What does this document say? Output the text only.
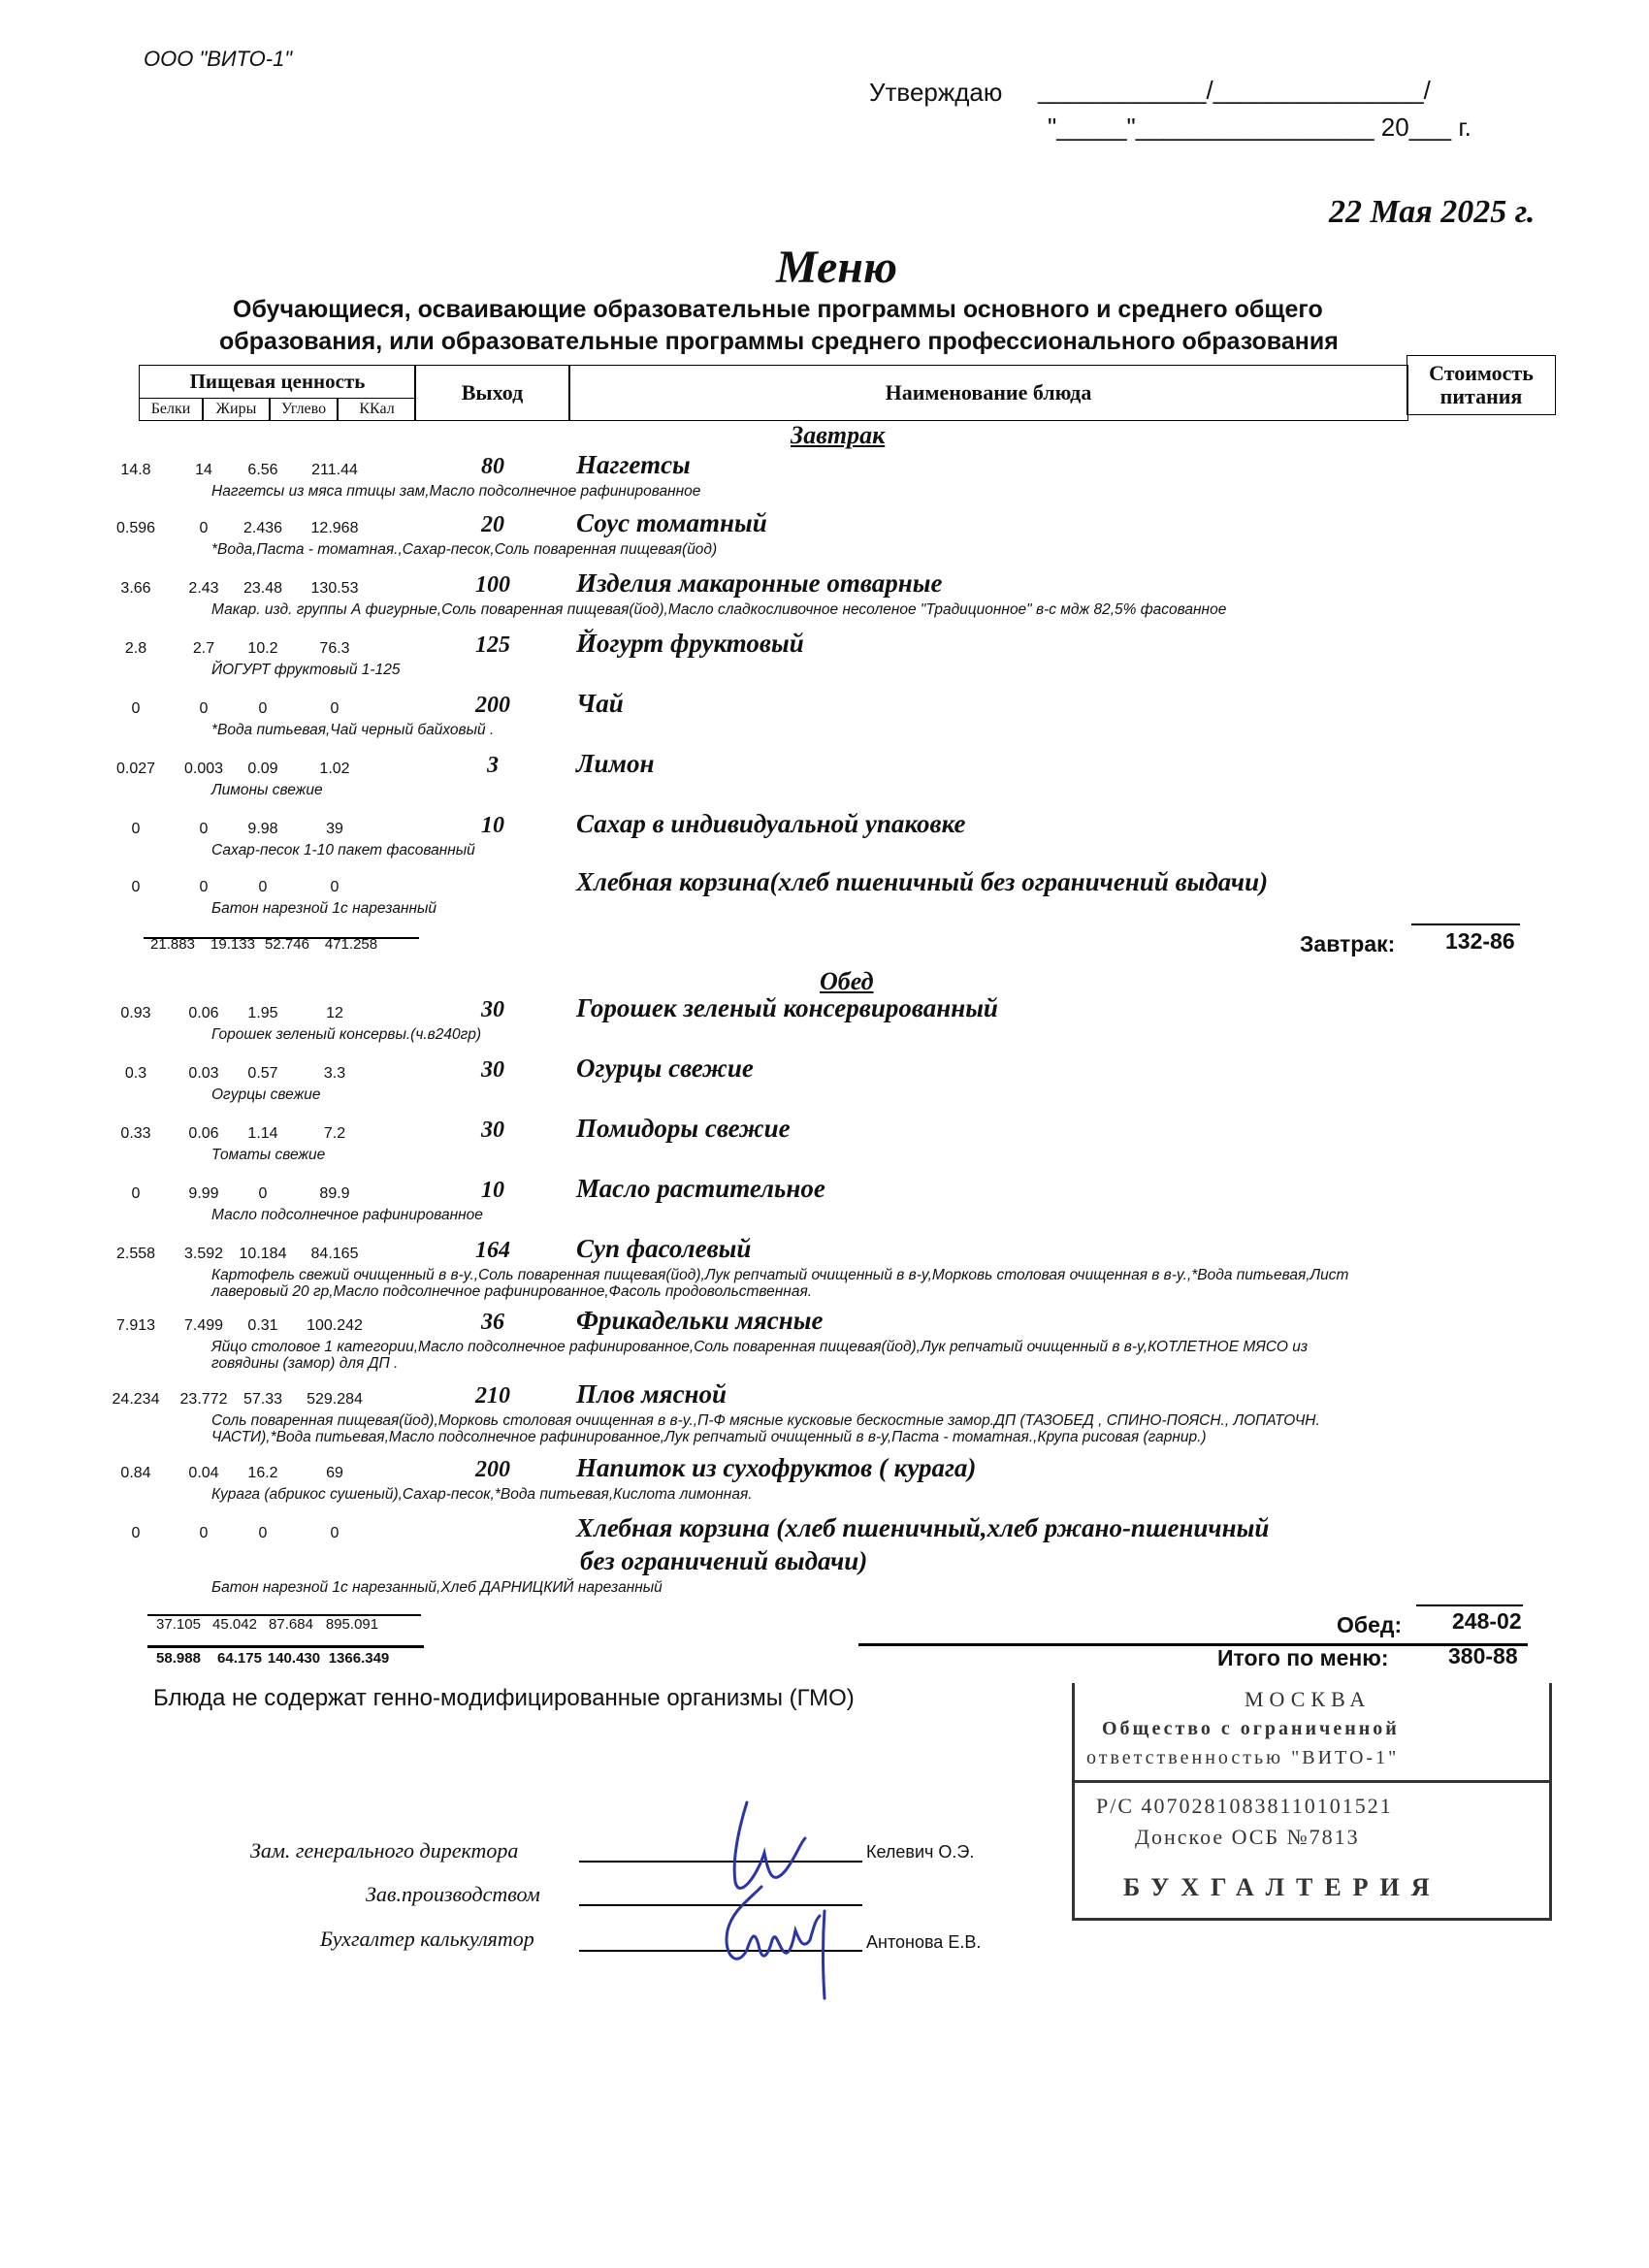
ООО "ВИТО-1"
Утверждаю ____________/_______________/
"_____"_________________ 20___ г.
22 Мая 2025 г.
Меню
Обучающиеся, осваивающие образовательные программы основного и среднего общего
образования, или образовательные программы среднего профессионального образования
Пищевая ценность
Белки	Жиры	Углево	ККал
Выход	Наименование блюда
Стоимость питания
Завтрак
14.8	14	6.56	211.44	80	Наггетсы
Наггетсы из мяса птицы зам,Масло подсолнечное рафинированное
0.596	0	2.436	12.968	20	Соус томатный
*Вода,Паста - томатная.,Сахар-песок,Соль поваренная пищевая(йод)
3.66	2.43	23.48	130.53	100	Изделия макаронные отварные
Макар. изд. группы А фигурные,Соль поваренная пищевая(йод),Масло сладкосливочное несоленое "Традиционное" в-с мдж 82,5% фасованное
2.8	2.7	10.2	76.3	125	Йогурт фруктовый
ЙОГУРТ фруктовый 1-125
0	0	0	0	200	Чай
*Вода питьевая,Чай черный байховый .
0.027	0.003	0.09	1.02	3	Лимон
Лимоны свежие
0	0	9.98	39	10	Сахар в индивидуальной упаковке
Сахар-песок 1-10 пакет фасованный
0	0	0	0	Хлебная корзина(хлеб пшеничный без ограничений выдачи)
Батон нарезной 1с нарезанный
21.883	19.133 52.746	471.258	Завтрак: 132-86
Обед
0.93	0.06	1.95	12	30	Горошек зеленый консервированный
Горошек зеленый консервы.(ч.в240гр)
0.3	0.03	0.57	3.3	30	Огурцы свежие
Огурцы свежие
0.33	0.06	1.14	7.2	30	Помидоры свежие
Томаты свежие
0	9.99	0	89.9	10	Масло растительное
Масло подсолнечное рафинированное
2.558	3.592	10.184	84.165	164	Суп фасолевый
Картофель свежий очищенный в в-у.,Соль поваренная пищевая(йод),Лук репчатый очищенный в в-у,Морковь столовая очищенная в в-у.,*Вода питьевая,Лист
лаверовый 20 гр,Масло подсолнечное рафинированное,Фасоль продовольственная.
7.913	7.499	0.31	100.242	36	Фрикадельки мясные
Яйцо столовое 1 категории,Масло подсолнечное рафинированное,Соль поваренная пищевая(йод),Лук репчатый очищенный в в-у,КОТЛЕТНОЕ МЯСО из
говядины (замор) для ДП .
24.234	23.772	57.33	529.284	210	Плов мясной
Соль поваренная пищевая(йод),Морковь столовая очищенная в в-у.,П-Ф мясные кусковые бескостные замор.ДП (ТАЗОБЕД , СПИНО-ПОЯСН., ЛОПАТОЧН.
ЧАСТИ),*Вода питьевая,Масло подсолнечное рафинированное,Лук репчатый очищенный в в-у,Паста - томатная.,Крупа рисовая (гарнир.)
0.84	0.04	16.2	69	200	Напиток из сухофруктов ( курага)
Курага (абрикос сушеный),Сахар-песок,*Вода питьевая,Кислота лимонная.
0	0	0	0	Хлебная корзина (хлеб пшеничный,хлеб ржано-пшеничный
без ограничений выдачи)
Батон нарезной 1с нарезанный,Хлеб ДАРНИЦКИЙ нарезанный
37.105 45.042 87.684 895.091
58.988	64.175 140.430 1366.349
Обед: 248-02
Итого по меню:	380-88
Блюда не содержат генно-модифицированные организмы (ГМО)
Зам. генерального директора	Келевич О.Э.
Зав.производством
Бухгалтер калькулятор	Антонова Е.В.
МОСКВА
Общество с ограниченной
ответственностью "ВИТО-1"
Р/С 40702810838110101521
Донское ОСБ №7813
БУХГАЛТЕРИЯ
